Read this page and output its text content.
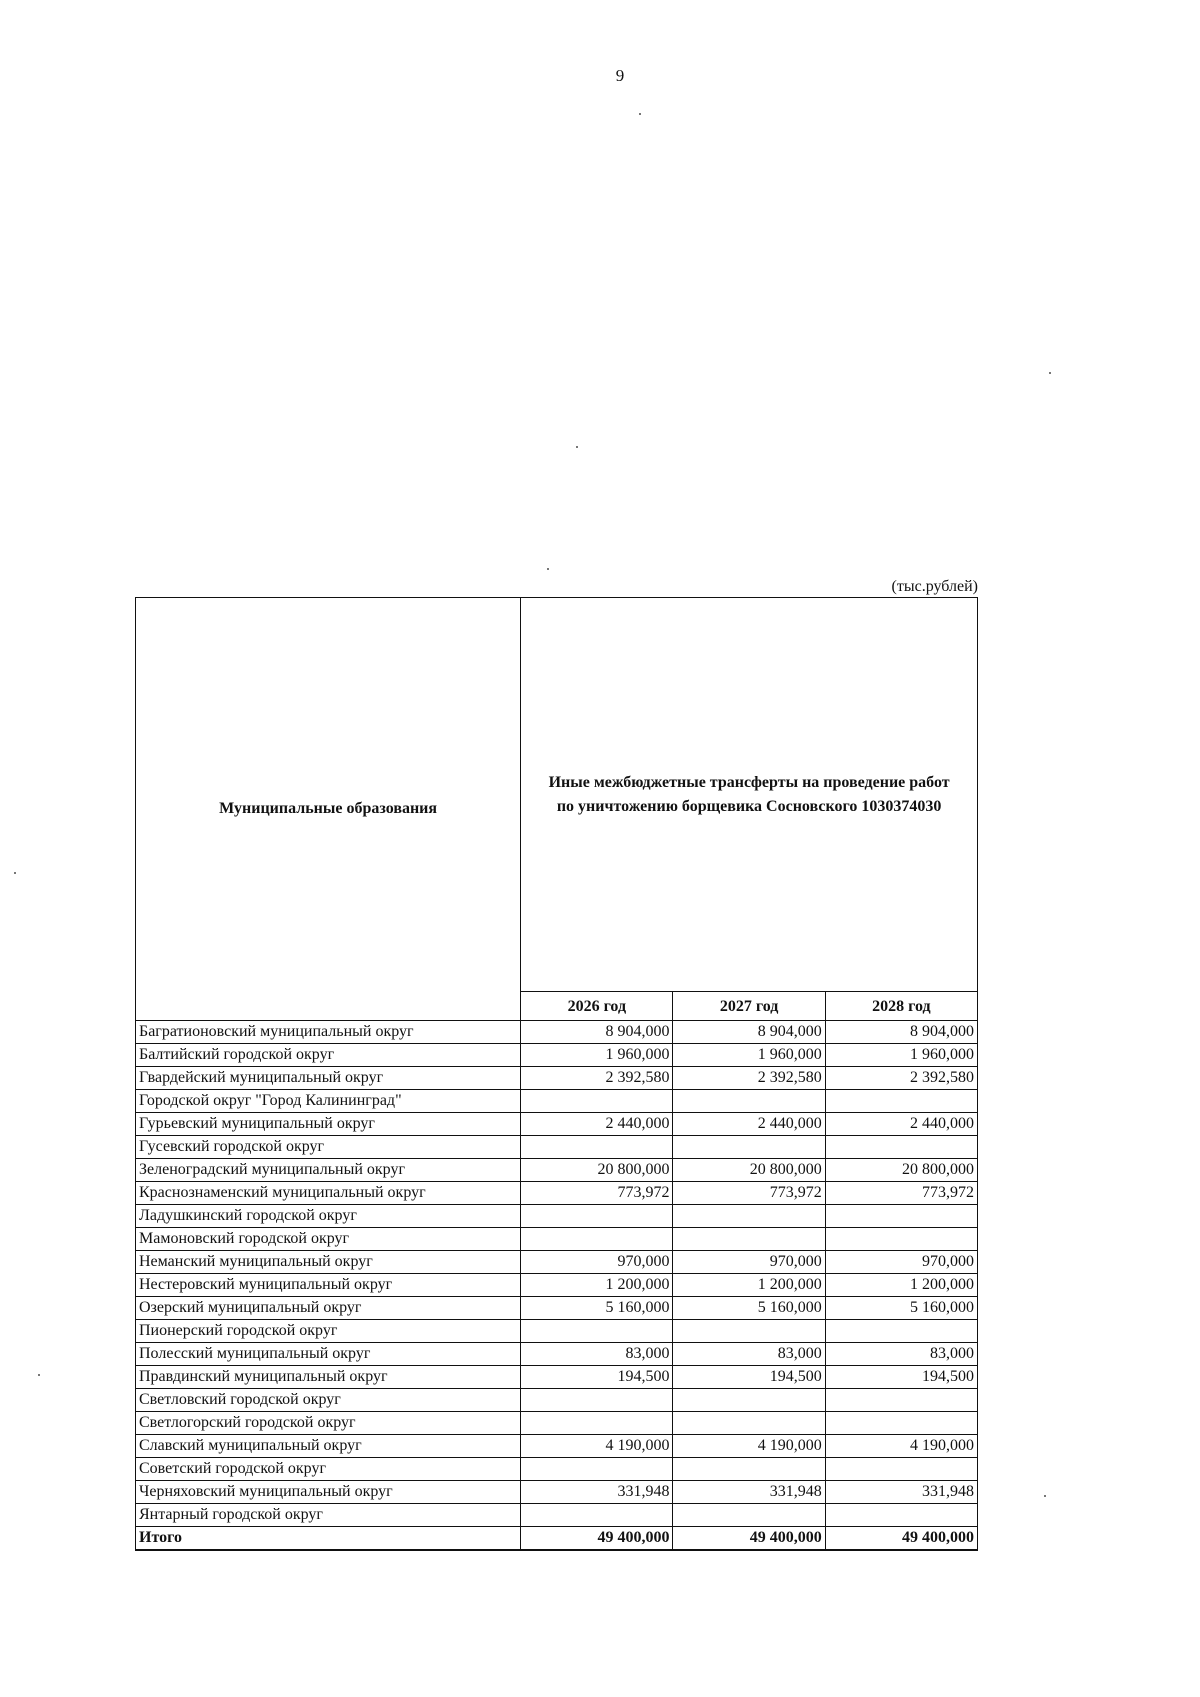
9
(тыс.рублей)
Муниципальные образования	Иные межбюджетные трансферты на проведение работ по уничтожению борщевика Сосновского 1030374030		
	2026 год	2027 год	2028 год
Багратионовский муниципальный округ	8 904,000	8 904,000	8 904,000
Балтийский городской округ	1 960,000	1 960,000	1 960,000
Гвардейский муниципальный округ	2 392,580	2 392,580	2 392,580
Городской округ "Город Калининград"			
Гурьевский муниципальный округ	2 440,000	2 440,000	2 440,000
Гусевский городской округ			
Зеленоградский муниципальный округ	20 800,000	20 800,000	20 800,000
Краснознаменский муниципальный округ	773,972	773,972	773,972
Ладушкинский городской округ			
Мамоновский городской округ			
Неманский муниципальный округ	970,000	970,000	970,000
Нестеровский муниципальный округ	1 200,000	1 200,000	1 200,000
Озерский муниципальный округ	5 160,000	5 160,000	5 160,000
Пионерский городской округ			
Полесский муниципальный округ	83,000	83,000	83,000
Правдинский муниципальный округ	194,500	194,500	194,500
Светловский городской округ			
Светлогорский городской округ			
Славский муниципальный округ	4 190,000	4 190,000	4 190,000
Советский городской округ			
Черняховский муниципальный округ	331,948	331,948	331,948
Янтарный городской округ			
Итого	49 400,000	49 400,000	49 400,000
